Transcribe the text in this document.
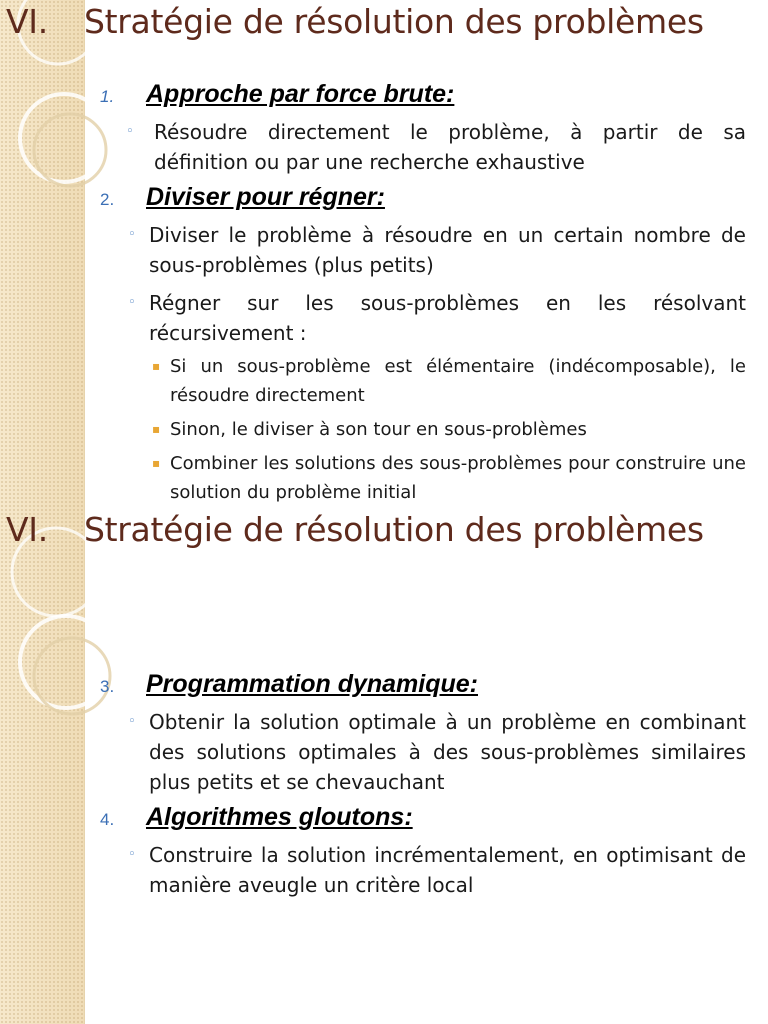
VI. Stratégie de résolution des problèmes
1.	Approche par force brute:
◦ Résoudre directement le problème, à partir de sa définition ou par une recherche exhaustive
2.	Diviser pour régner:
◦ Diviser le problème à résoudre en un certain nombre de sous-problèmes (plus petits)
◦ Régner sur les sous-problèmes en les résolvant récursivement :
▪ Si un sous-problème est élémentaire (indécomposable), le résoudre directement
▪ Sinon, le diviser à son tour en sous-problèmes
▪ Combiner les solutions des sous-problèmes pour construire une solution du problème initial
VI. Stratégie de résolution des problèmes
3.	Programmation dynamique:
◦ Obtenir la solution optimale à un problème en combinant des solutions optimales à des sous-problèmes similaires plus petits et se chevauchant
4.	Algorithmes gloutons:
◦ Construire la solution incrémentalement, en optimisant de manière aveugle un critère local
